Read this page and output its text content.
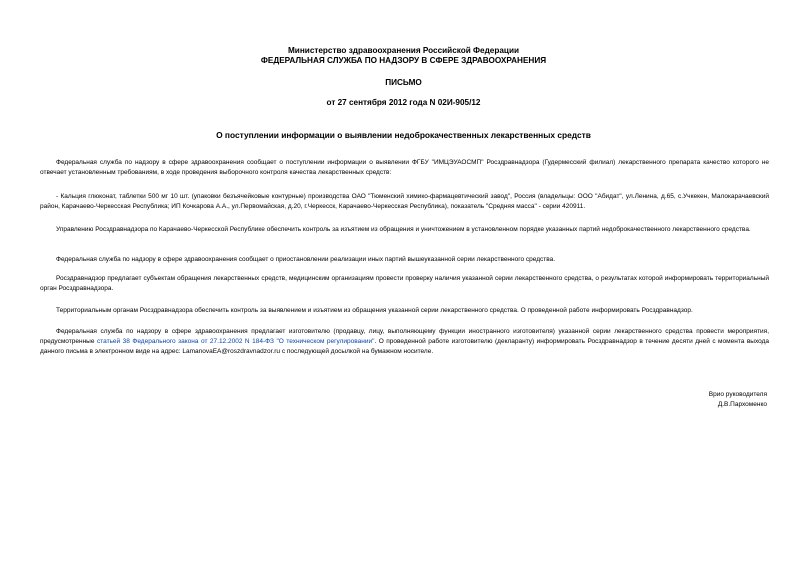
Министерство здравоохранения Российской Федерации
ФЕДЕРАЛЬНАЯ СЛУЖБА ПО НАДЗОРУ В СФЕРЕ ЗДРАВООХРАНЕНИЯ
ПИСЬМО
от 27 сентября 2012 года N 02И-905/12
О поступлении информации о выявлении недоброкачественных лекарственных средств
Федеральная служба по надзору в сфере здравоохранения сообщает о поступлении информации о выявлении ФГБУ "ИМЦЭУАОСМП" Росздравнадзора (Гудермесский филиал) лекарственного препарата качество которого не отвечает установленным требованиям, в ходе проведения выборочного контроля качества лекарственных средств:
- Кальция глюконат, таблетки 500 мг 10 шт. (упаковки безъячейковые контурные) производства ОАО "Тюменский химико-фармацевтический завод", Россия (владельцы: ООО "Абидат", ул.Ленина, д.65, с.Учкекен, Малокарачаевский район, Карачаево-Черкесская Республика; ИП Кочкарова А.А., ул.Первомайская, д.20, г.Черкесск, Карачаево-Черкесская Республика), показатель "Средняя масса" - серии 420911.
Управлению Росздравнадзора по Карачаево-Черкесской Республике обеспечить контроль за изъятием из обращения и уничтожением в установленном порядке указанных партий недоброкачественного лекарственного средства.
Федеральная служба по надзору в сфере здравоохранения сообщает о приостановлении реализации иных партий вышеуказанной серии лекарственного средства.
Росздравнадзор предлагает субъектам обращения лекарственных средств, медицинским организациям провести проверку наличия указанной серии лекарственного средства, о результатах которой информировать территориальный орган Росздравнадзора.
Территориальным органам Росздравнадзора обеспечить контроль за выявлением и изъятием из обращения указанной серии лекарственного средства. О проведенной работе информировать Росздравнадзор.
Федеральная служба по надзору в сфере здравоохранения предлагает изготовителю (продавцу, лицу, выполняющему функции иностранного изготовителя) указанной серии лекарственного средства провести мероприятия, предусмотренные статьей 38 Федерального закона от 27.12.2002 N 184-ФЗ "О техническом регулировании". О проведенной работе изготовителю (декларанту) информировать Росздравнадзор в течение десяти дней с момента выхода данного письма в электронном виде на адрес: LamanovaEA@roszdravnadzor.ru с последующей досылкой на бумажном носителе.
Врио руководителя
Д.В.Пархоменко
